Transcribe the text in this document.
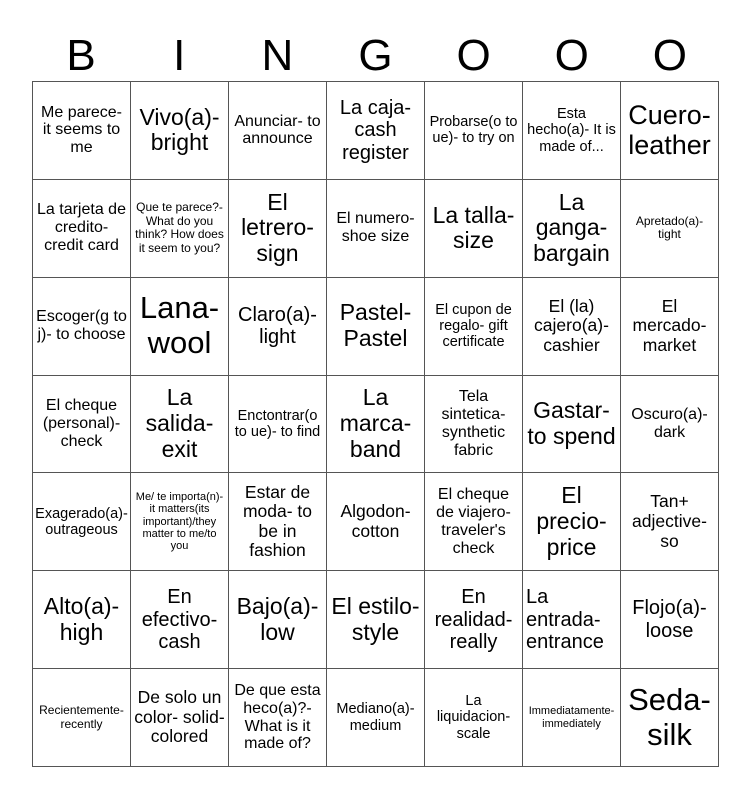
B	I	N	G	O	O	O
Me parece- it seems to me
Vivo(a)- bright
Anunciar- to announce
La caja- cash register
Probarse(o to ue)- to try on
Esta hecho(a)- It is made of...
Cuero- leather
La tarjeta de credito- credit card
Que te parece?- What do you think? How does it seem to you?
El letrero- sign
El numero- shoe size
La talla- size
La ganga- bargain
Apretado(a)- tight
Escoger(g to j)- to choose
Lana- wool
Claro(a)- light
Pastel- Pastel
El cupon de regalo- gift certificate
El (la) cajero(a)- cashier
El mercado- market
El cheque (personal)- check
La salida- exit
Enctontrar(o to ue)- to find
La marca- band
Tela sintetica- synthetic fabric
Gastar- to spend
Oscuro(a)- dark
Exagerado(a)- outrageous
Me/ te importa(n)- it matters(its important)/they matter to me/to you
Estar de moda- to be in fashion
Algodon- cotton
El cheque de viajero- traveler's check
El precio- price
Tan+ adjective- so
Alto(a)- high
En efectivo- cash
Bajo(a)- low
El estilo- style
En realidad- really
La entrada- entrance
Flojo(a)- loose
Recientemente- recently
De solo un color- solid- colored
De que esta heco(a)?- What is it made of?
Mediano(a)- medium
La liquidacion- scale
Immediatamente- immediately
Seda- silk
